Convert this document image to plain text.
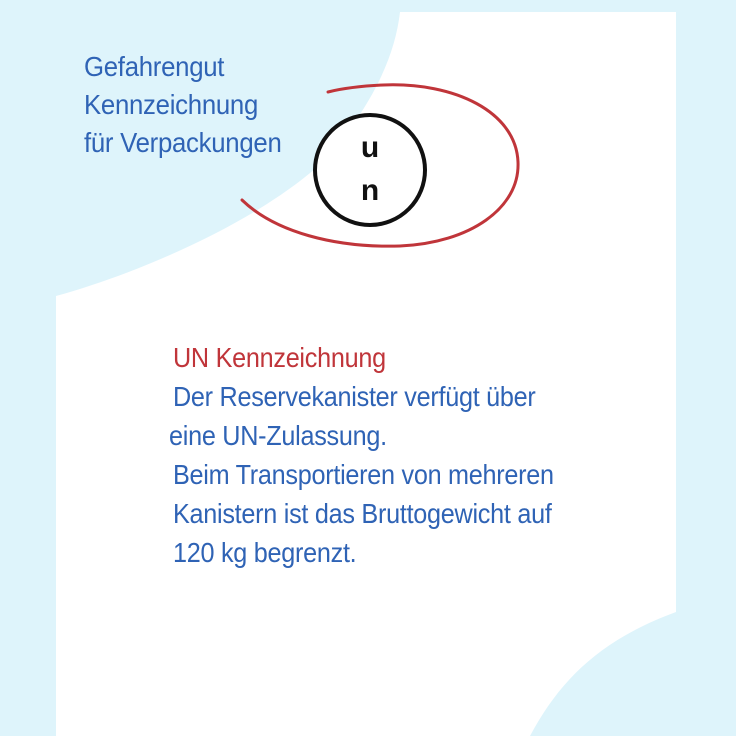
Gefahrengut
Kennzeichnung
für Verpackungen	u
n
UN Kennzeichnung
Der Reservekanister verfügt über
eine UN-Zulassung.
Beim Transportieren von mehreren
Kanistern ist das Bruttogewicht auf
120 kg begrenzt.
